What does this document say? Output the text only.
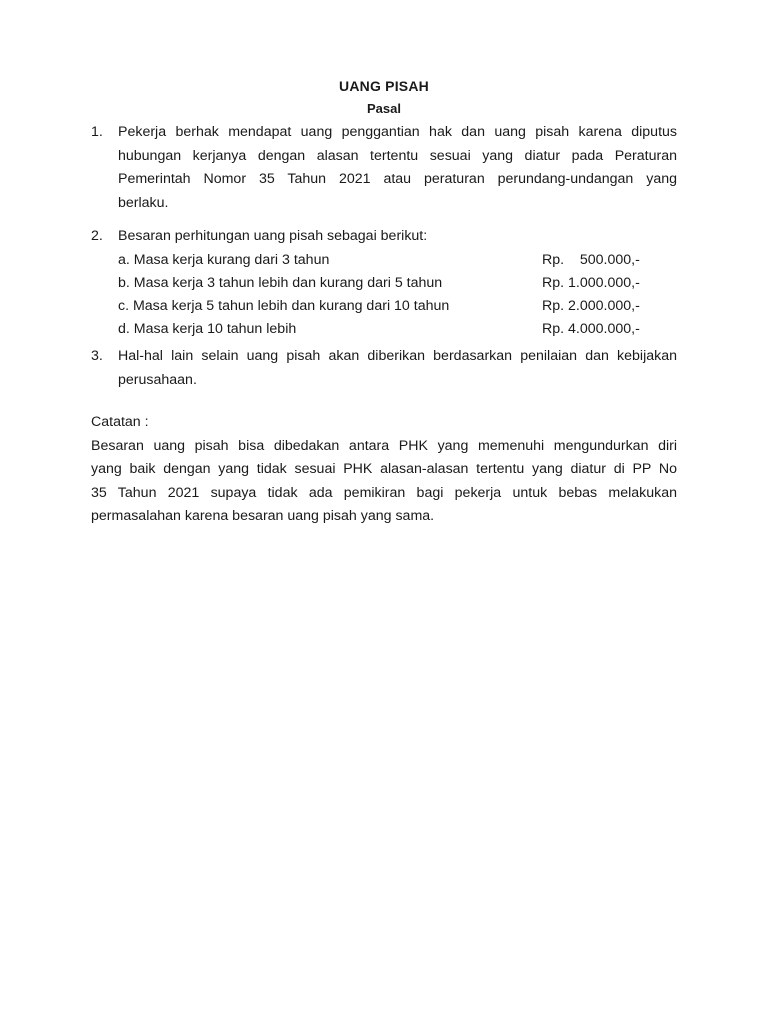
UANG PISAH
Pasal
1.	Pekerja berhak mendapat uang penggantian hak dan uang pisah karena diputus
hubungan kerjanya dengan alasan tertentu sesuai yang diatur pada Peraturan
Pemerintah Nomor 35 Tahun 2021 atau peraturan perundang-undangan yang
berlaku.
2.	Besaran perhitungan uang pisah sebagai berikut:
a. Masa kerja kurang dari 3 tahun	Rp.    500.000,-
b. Masa kerja 3 tahun lebih dan kurang dari 5 tahun	Rp. 1.000.000,-
c. Masa kerja 5 tahun lebih dan kurang dari 10 tahun	Rp. 2.000.000,-
d. Masa kerja 10 tahun lebih	Rp. 4.000.000,-
3.	Hal-hal lain selain uang pisah akan diberikan berdasarkan penilaian dan kebijakan
perusahaan.
Catatan :
Besaran uang pisah bisa dibedakan antara PHK yang memenuhi mengundurkan diri
yang baik dengan yang tidak sesuai PHK alasan-alasan tertentu yang diatur di PP No
35 Tahun 2021 supaya tidak ada pemikiran bagi pekerja untuk bebas melakukan
permasalahan karena besaran uang pisah yang sama.
